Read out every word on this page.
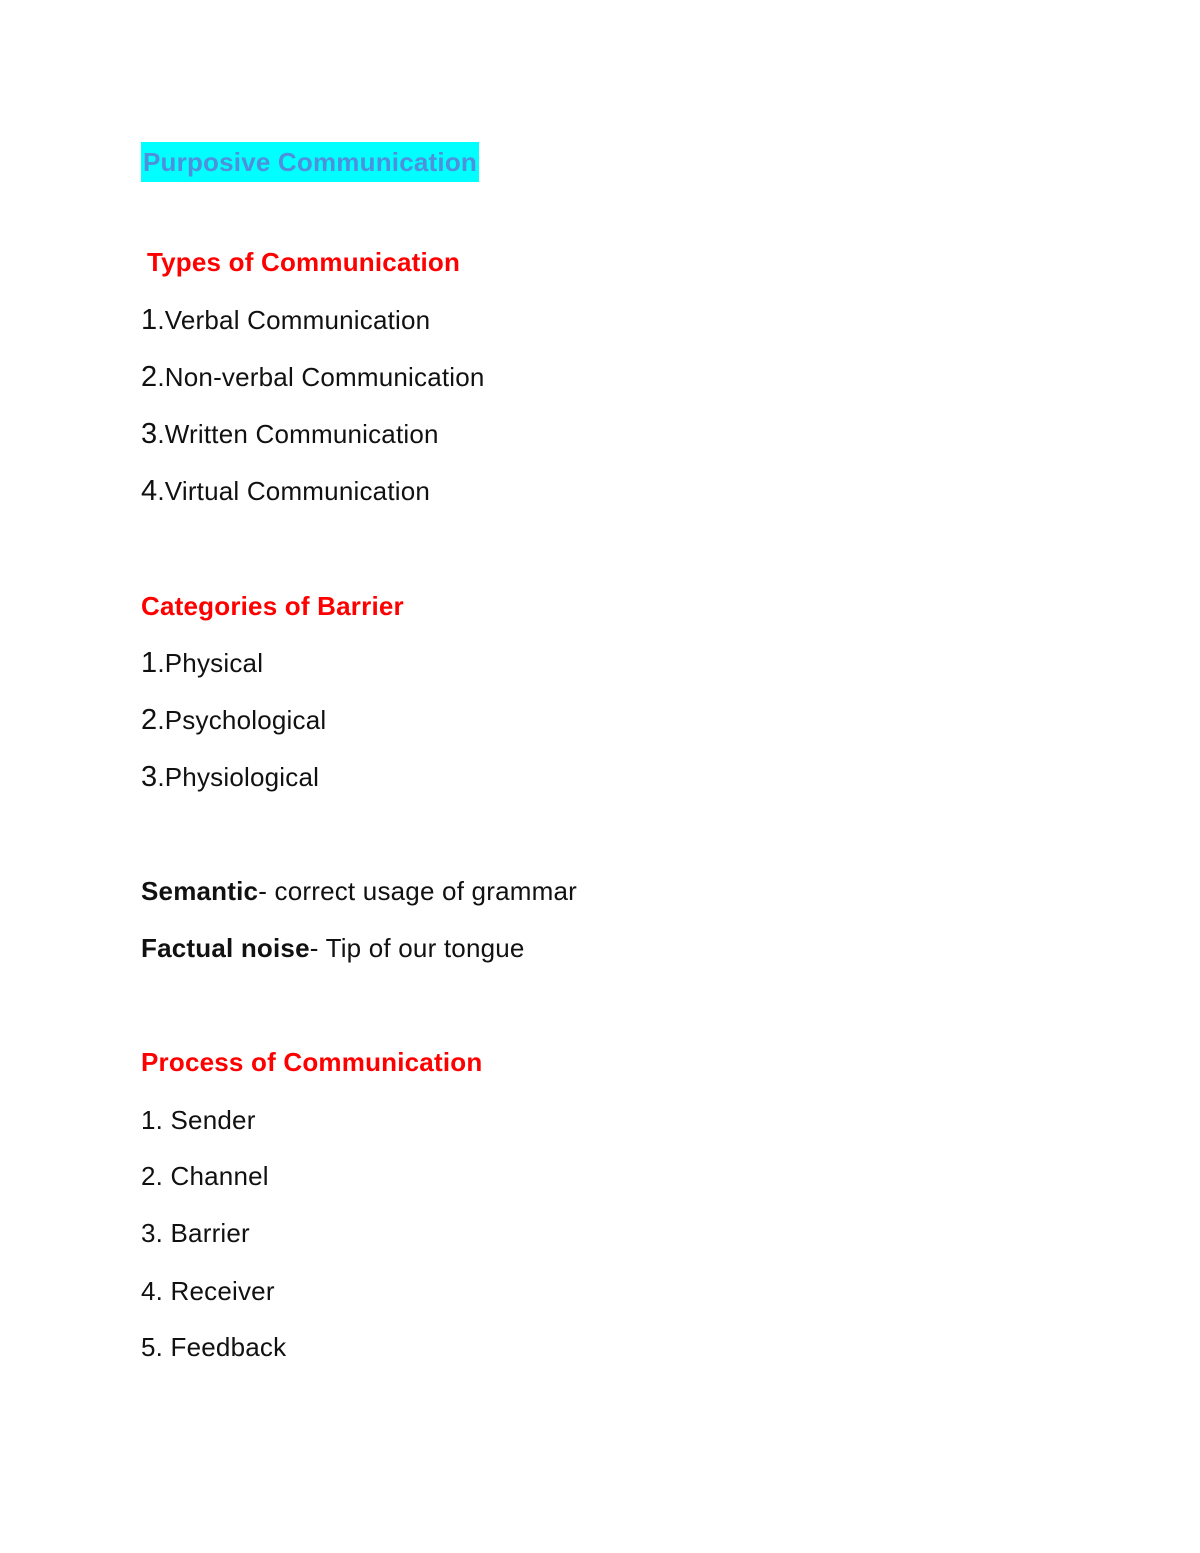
Purposive Communication
Types of Communication
1.Verbal Communication
2.Non-verbal Communication
3.Written Communication
4.Virtual Communication
Categories of Barrier
1.Physical
2.Psychological
3.Physiological
Semantic- correct usage of grammar
Factual noise- Tip of our tongue
Process of Communication
1. Sender
2. Channel
3. Barrier
4. Receiver
5. Feedback
